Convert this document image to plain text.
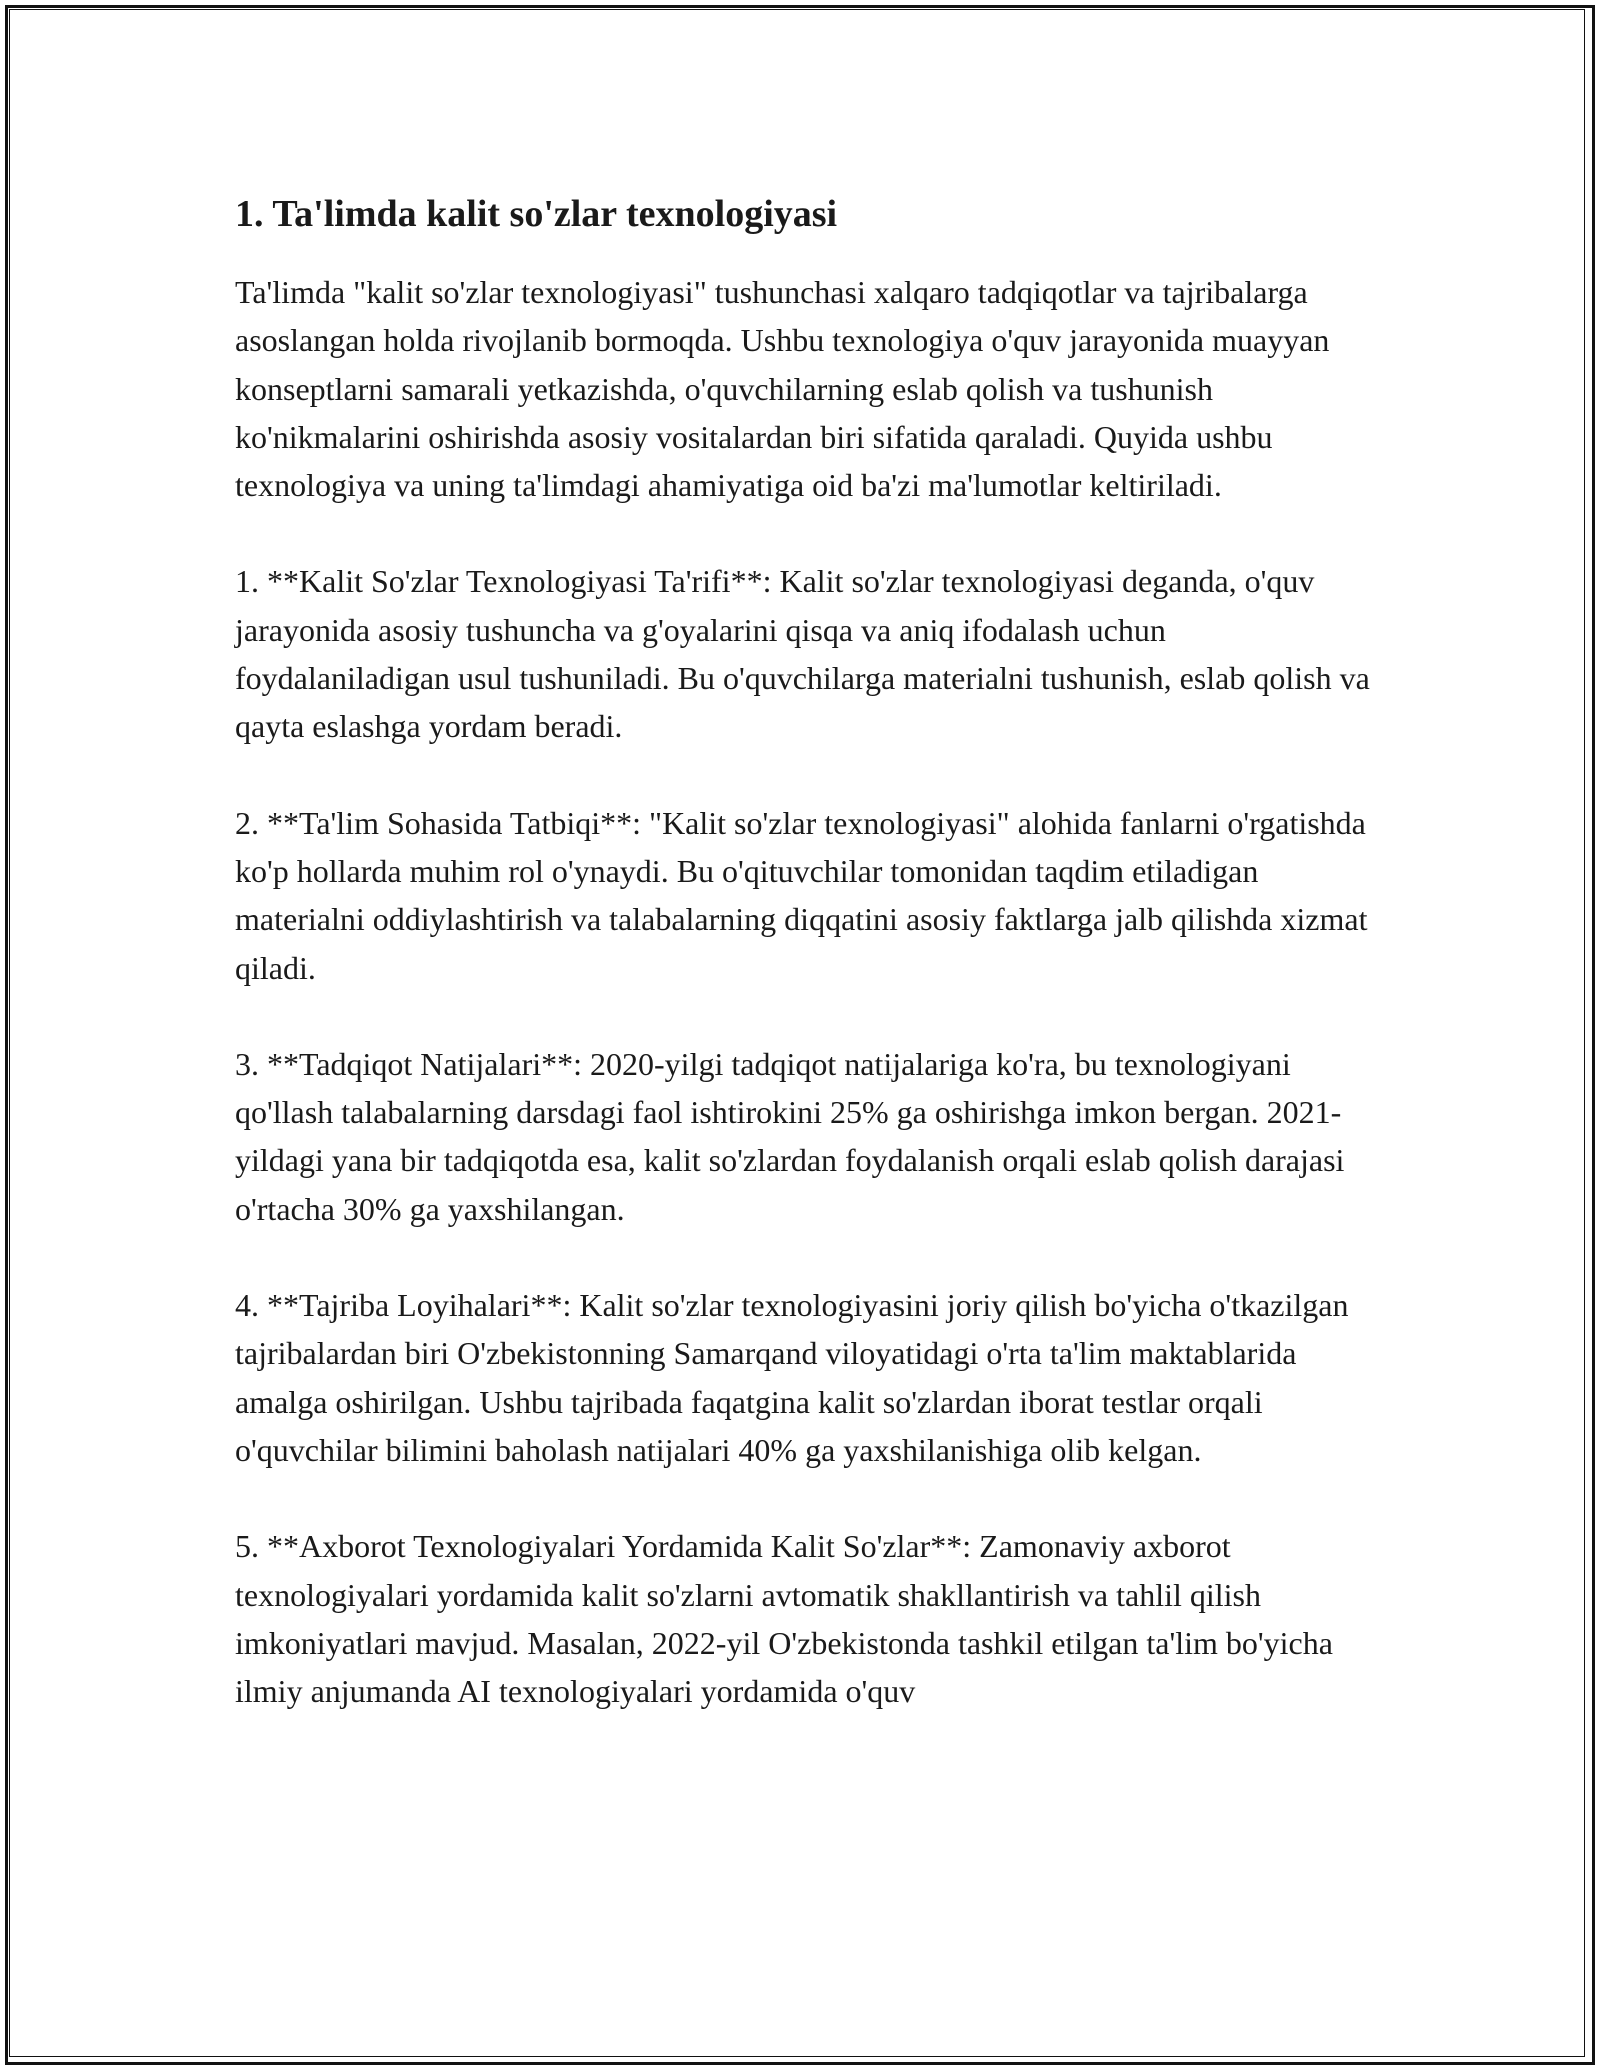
1. Ta'limda kalit so'zlar texnologiyasi

Ta'limda "kalit so'zlar texnologiyasi" tushunchasi xalqaro tadqiqotlar va tajribalarga asoslangan holda rivojlanib bormoqda. Ushbu texnologiya o'quv jarayonida muayyan konseptlarni samarali yetkazishda, o'quvchilarning eslab qolish va tushunish ko'nikmalarini oshirishda asosiy vositalardan biri sifatida qaraladi. Quyida ushbu texnologiya va uning ta'limdagi ahamiyatiga oid ba'zi ma'lumotlar keltiriladi.

1. **Kalit So'zlar Texnologiyasi Ta'rifi**: Kalit so'zlar texnologiyasi deganda, o'quv jarayonida asosiy tushuncha va g'oyalarini qisqa va aniq ifodalash uchun foydalaniladigan usul tushuniladi. Bu o'quvchilarga materialni tushunish, eslab qolish va qayta eslashga yordam beradi.

2. **Ta'lim Sohasida Tatbiqi**: "Kalit so'zlar texnologiyasi" alohida fanlarni o'rgatishda ko'p hollarda muhim rol o'ynaydi. Bu o'qituvchilar tomonidan taqdim etiladigan materialni oddiylashtirish va talabalarning diqqatini asosiy faktlarga jalb qilishda xizmat qiladi.

3. **Tadqiqot Natijalari**: 2020-yilgi tadqiqot natijalariga ko'ra, bu texnologiyani qo'llash talabalarning darsdagi faol ishtirokini 25% ga oshirishga imkon bergan. 2021-yildagi yana bir tadqiqotda esa, kalit so'zlardan foydalanish orqali eslab qolish darajasi o'rtacha 30% ga yaxshilangan.

4. **Tajriba Loyihalari**: Kalit so'zlar texnologiyasini joriy qilish bo'yicha o'tkazilgan tajribalardan biri O'zbekistonning Samarqand viloyatidagi o'rta ta'lim maktablarida amalga oshirilgan. Ushbu tajribada faqatgina kalit so'zlardan iborat testlar orqali o'quvchilar bilimini baholash natijalari 40% ga yaxshilanishiga olib kelgan.

5. **Axborot Texnologiyalari Yordamida Kalit So'zlar**: Zamonaviy axborot texnologiyalari yordamida kalit so'zlarni avtomatik shakllantirish va tahlil qilish imkoniyatlari mavjud. Masalan, 2022-yil O'zbekistonda tashkil etilgan ta'lim bo'yicha ilmiy anjumanda AI texnologiyalari yordamida o'quv
